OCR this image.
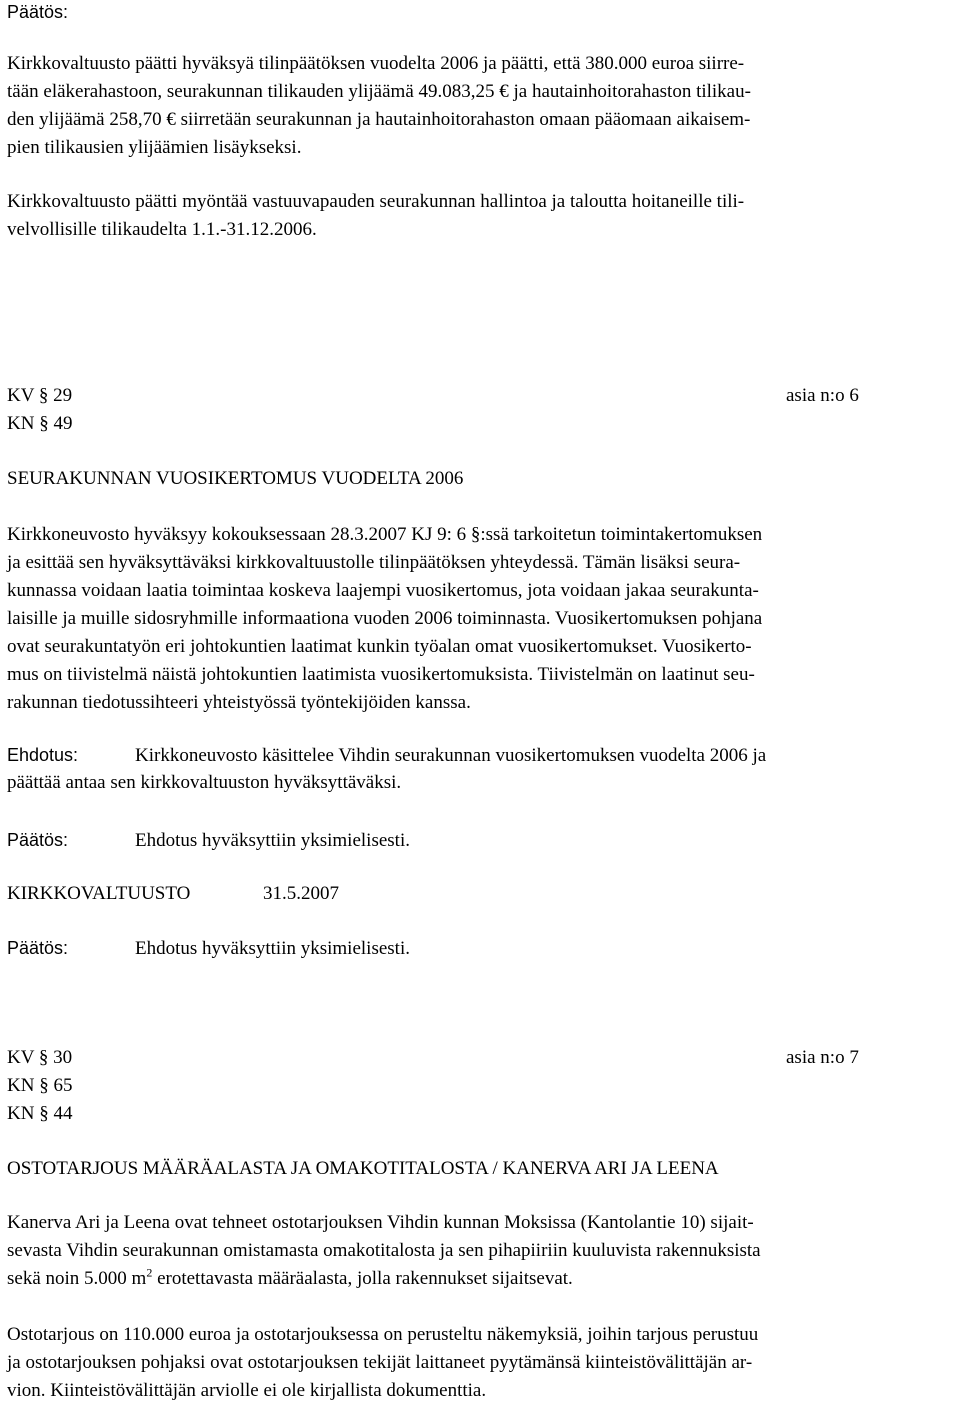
Päätös:
Kirkkovaltuusto päätti hyväksyä tilinpäätöksen vuodelta 2006 ja päätti, että 380.000 euroa siirre-
tään eläkerahastoon, seurakunnan tilikauden ylijäämä 49.083,25 € ja hautainhoitorahaston tilikau-
den ylijäämä 258,70 € siirretään seurakunnan ja hautainhoitorahaston omaan pääomaan aikaisem-
pien tilikausien ylijäämien lisäykseksi.
Kirkkovaltuusto päätti myöntää vastuuvapauden seurakunnan hallintoa ja taloutta hoitaneille tili-
velvollisille tilikaudelta 1.1.-31.12.2006.
KV § 29	asia n:o 6
KN § 49
SEURAKUNNAN VUOSIKERTOMUS VUODELTA 2006
Kirkkoneuvosto hyväksyy kokouksessaan 28.3.2007 KJ 9: 6 §:ssä tarkoitetun toimintakertomuksen
ja esittää sen hyväksyttäväksi kirkkovaltuustolle tilinpäätöksen yhteydessä. Tämän lisäksi seura-
kunnassa voidaan laatia toimintaa koskeva laajempi vuosikertomus, jota voidaan jakaa seurakunta-
laisille ja muille sidosryhmille informaationa vuoden 2006 toiminnasta. Vuosikertomuksen pohjana
ovat seurakuntatyön eri johtokuntien laatimat kunkin työalan omat vuosikertomukset. Vuosikerto-
mus on tiivistelmä näistä johtokuntien laatimista vuosikertomuksista. Tiivistelmän on laatinut seu-
rakunnan tiedotussihteeri yhteistyössä työntekijöiden kanssa.
Ehdotus:	Kirkkoneuvosto käsittelee Vihdin seurakunnan vuosikertomuksen vuodelta 2006 ja
päättää antaa sen kirkkovaltuuston hyväksyttäväksi.
Päätös:	Ehdotus hyväksyttiin yksimielisesti.
KIRKKOVALTUUSTO	31.5.2007
Päätös:	Ehdotus hyväksyttiin yksimielisesti.
KV § 30	asia n:o 7
KN § 65
KN § 44
OSTOTARJOUS MÄÄRÄALASTA JA OMAKOTITALOSTA / KANERVA ARI JA LEENA
Kanerva Ari ja Leena ovat tehneet ostotarjouksen Vihdin kunnan Moksissa (Kantolantie 10) sijait-
sevasta Vihdin seurakunnan omistamasta omakotitalosta ja sen pihapiiriin kuuluvista rakennuksista
sekä noin 5.000 $m^2$ erotettavasta määräalasta, jolla rakennukset sijaitsevat.
Ostotarjous on 110.000 euroa ja ostotarjouksessa on perusteltu näkemyksiä, joihin tarjous perustuu
ja ostotarjouksen pohjaksi ovat ostotarjouksen tekijät laittaneet pyytämänsä kiinteistövälittäjän ar-
vion. Kiinteistövälittäjän arviolle ei ole kirjallista dokumenttia.
